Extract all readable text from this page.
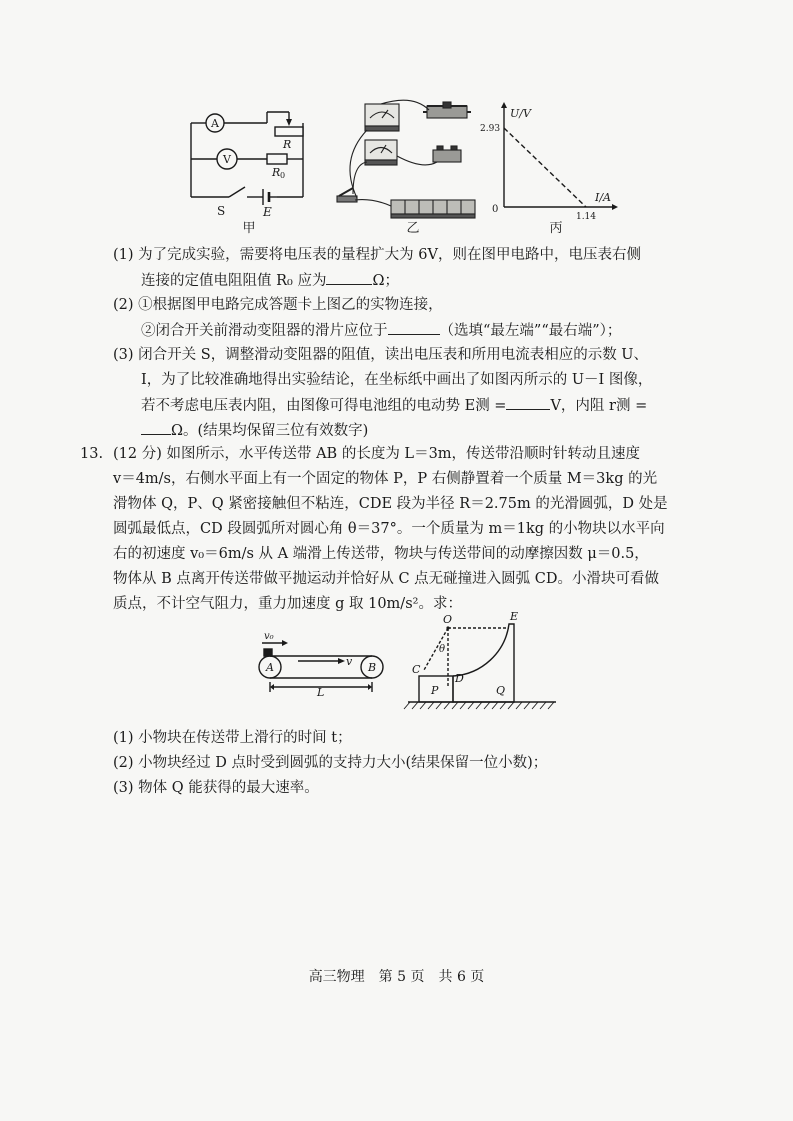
A
V
R
R 0
S	E
甲	乙
U/V
I/A
0
2.93
1.14
丙
(1) 为了完成实验，需要将电压表的量程扩大为 6V，则在图甲电路中，电压表右侧
连接的定值电阻阻值 R₀ 应为	Ω；
(2) ①根据图甲电路完成答题卡上图乙的实物连接，
②闭合开关前滑动变阻器的滑片应位于	（选填“最左端”“最右端”）；
(3) 闭合开关 S，调整滑动变阻器的阻值，读出电压表和所用电流表相应的示数 U、
I，为了比较准确地得出实验结论，在坐标纸中画出了如图丙所示的 U－I 图像，
若不考虑电压表内阻，由图像可得电池组的电动势 E测 =	V，内阻 r测 =
Ω。(结果均保留三位有效数字)
13. (12 分) 如图所示，水平传送带 AB 的长度为 L＝3m，传送带沿顺时针转动且速度
v＝4m/s，右侧水平面上有一个固定的物体 P，P 右侧静置着一个质量 M＝3kg 的光
滑物体 Q，P、Q 紧密接触但不粘连，CDE 段为半径 R＝2.75m 的光滑圆弧，D 处是
圆弧最低点，CD 段圆弧所对圆心角 θ＝37°。一个质量为 m＝1kg 的小物块以水平向
右的初速度 v₀＝6m/s 从 A 端滑上传送带，物块与传送带间的动摩擦因数 μ＝0.5，
物体从 B 点离开传送带做平抛运动并恰好从 C 点无碰撞进入圆弧 CD。小滑块可看做
质点，不计空气阻力，重力加速度 g 取 10m/s²。求：
v₀
A	B
v
L
O	E
θ
C
D
P	Q
(1) 小物块在传送带上滑行的时间 t；
(2) 小物块经过 D 点时受到圆弧的支持力大小(结果保留一位小数)；
(3) 物体 Q 能获得的最大速率。
高三物理　第 5 页　共 6 页
